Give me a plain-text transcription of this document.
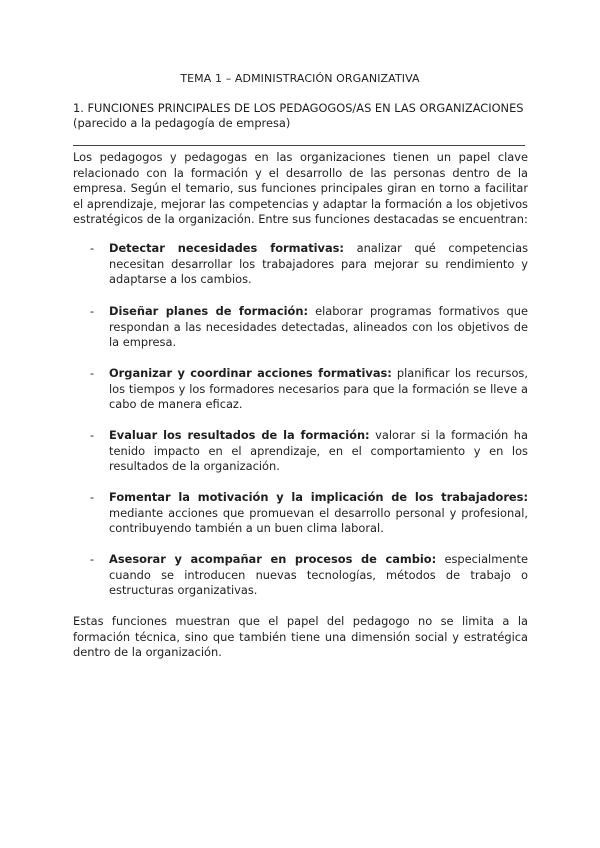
TEMA 1 – ADMINISTRACIÓN ORGANIZATIVA
1. FUNCIONES PRINCIPALES DE LOS PEDAGOGOS/AS EN LAS ORGANIZACIONES
(parecido a la pedagogía de empresa)
Los pedagogos y pedagogas en las organizaciones tienen un papel clave relacionado con la formación y el desarrollo de las personas dentro de la empresa. Según el temario, sus funciones principales giran en torno a facilitar el aprendizaje, mejorar las competencias y adaptar la formación a los objetivos estratégicos de la organización. Entre sus funciones destacadas se encuentran:
- Detectar necesidades formativas: analizar qué competencias necesitan desarrollar los trabajadores para mejorar su rendimiento y adaptarse a los cambios.
- Diseñar planes de formación: elaborar programas formativos que respondan a las necesidades detectadas, alineados con los objetivos de la empresa.
- Organizar y coordinar acciones formativas: planificar los recursos, los tiempos y los formadores necesarios para que la formación se lleve a cabo de manera eficaz.
- Evaluar los resultados de la formación: valorar si la formación ha tenido impacto en el aprendizaje, en el comportamiento y en los resultados de la organización.
- Fomentar la motivación y la implicación de los trabajadores: mediante acciones que promuevan el desarrollo personal y profesional, contribuyendo también a un buen clima laboral.
- Asesorar y acompañar en procesos de cambio: especialmente cuando se introducen nuevas tecnologías, métodos de trabajo o estructuras organizativas.
Estas funciones muestran que el papel del pedagogo no se limita a la formación técnica, sino que también tiene una dimensión social y estratégica dentro de la organización.
